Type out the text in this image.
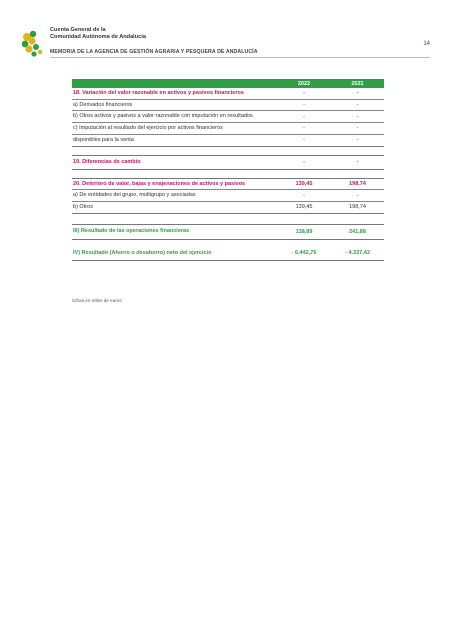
Cuenta General de la
Comunidad Autónoma de Andalucía
MEMORIA DE LA AGENCIA DE GESTIÓN AGRARIA Y PESQUERA DE ANDALUCÍA
14
2022	2021
18. Variación del valor razonable en activos y pasivos financieros	-	-
a) Derivados financieros	-	-
b) Otros activos y pasivos a valor razonable con imputación en resultados	-	-
c) Imputación al resultado del ejercicio por activos financieros	-	-
disponibles para la venta	-	-
19. Diferencias de cambio	-	-
20. Deterioro de valor, bajas y enajenaciones de activos y pasivos	139,45	198,74
a) De entidades del grupo, multigrupo y asociadas	-	-
b) Otros	139,45	198,74
III) Resultado de las operaciones financieras	138,89	241,88
IV) Resultado (Ahorro o desahorro) neto del ejercicio	- 6.442,76	- 4.337,42
Cifras en miles de euros
